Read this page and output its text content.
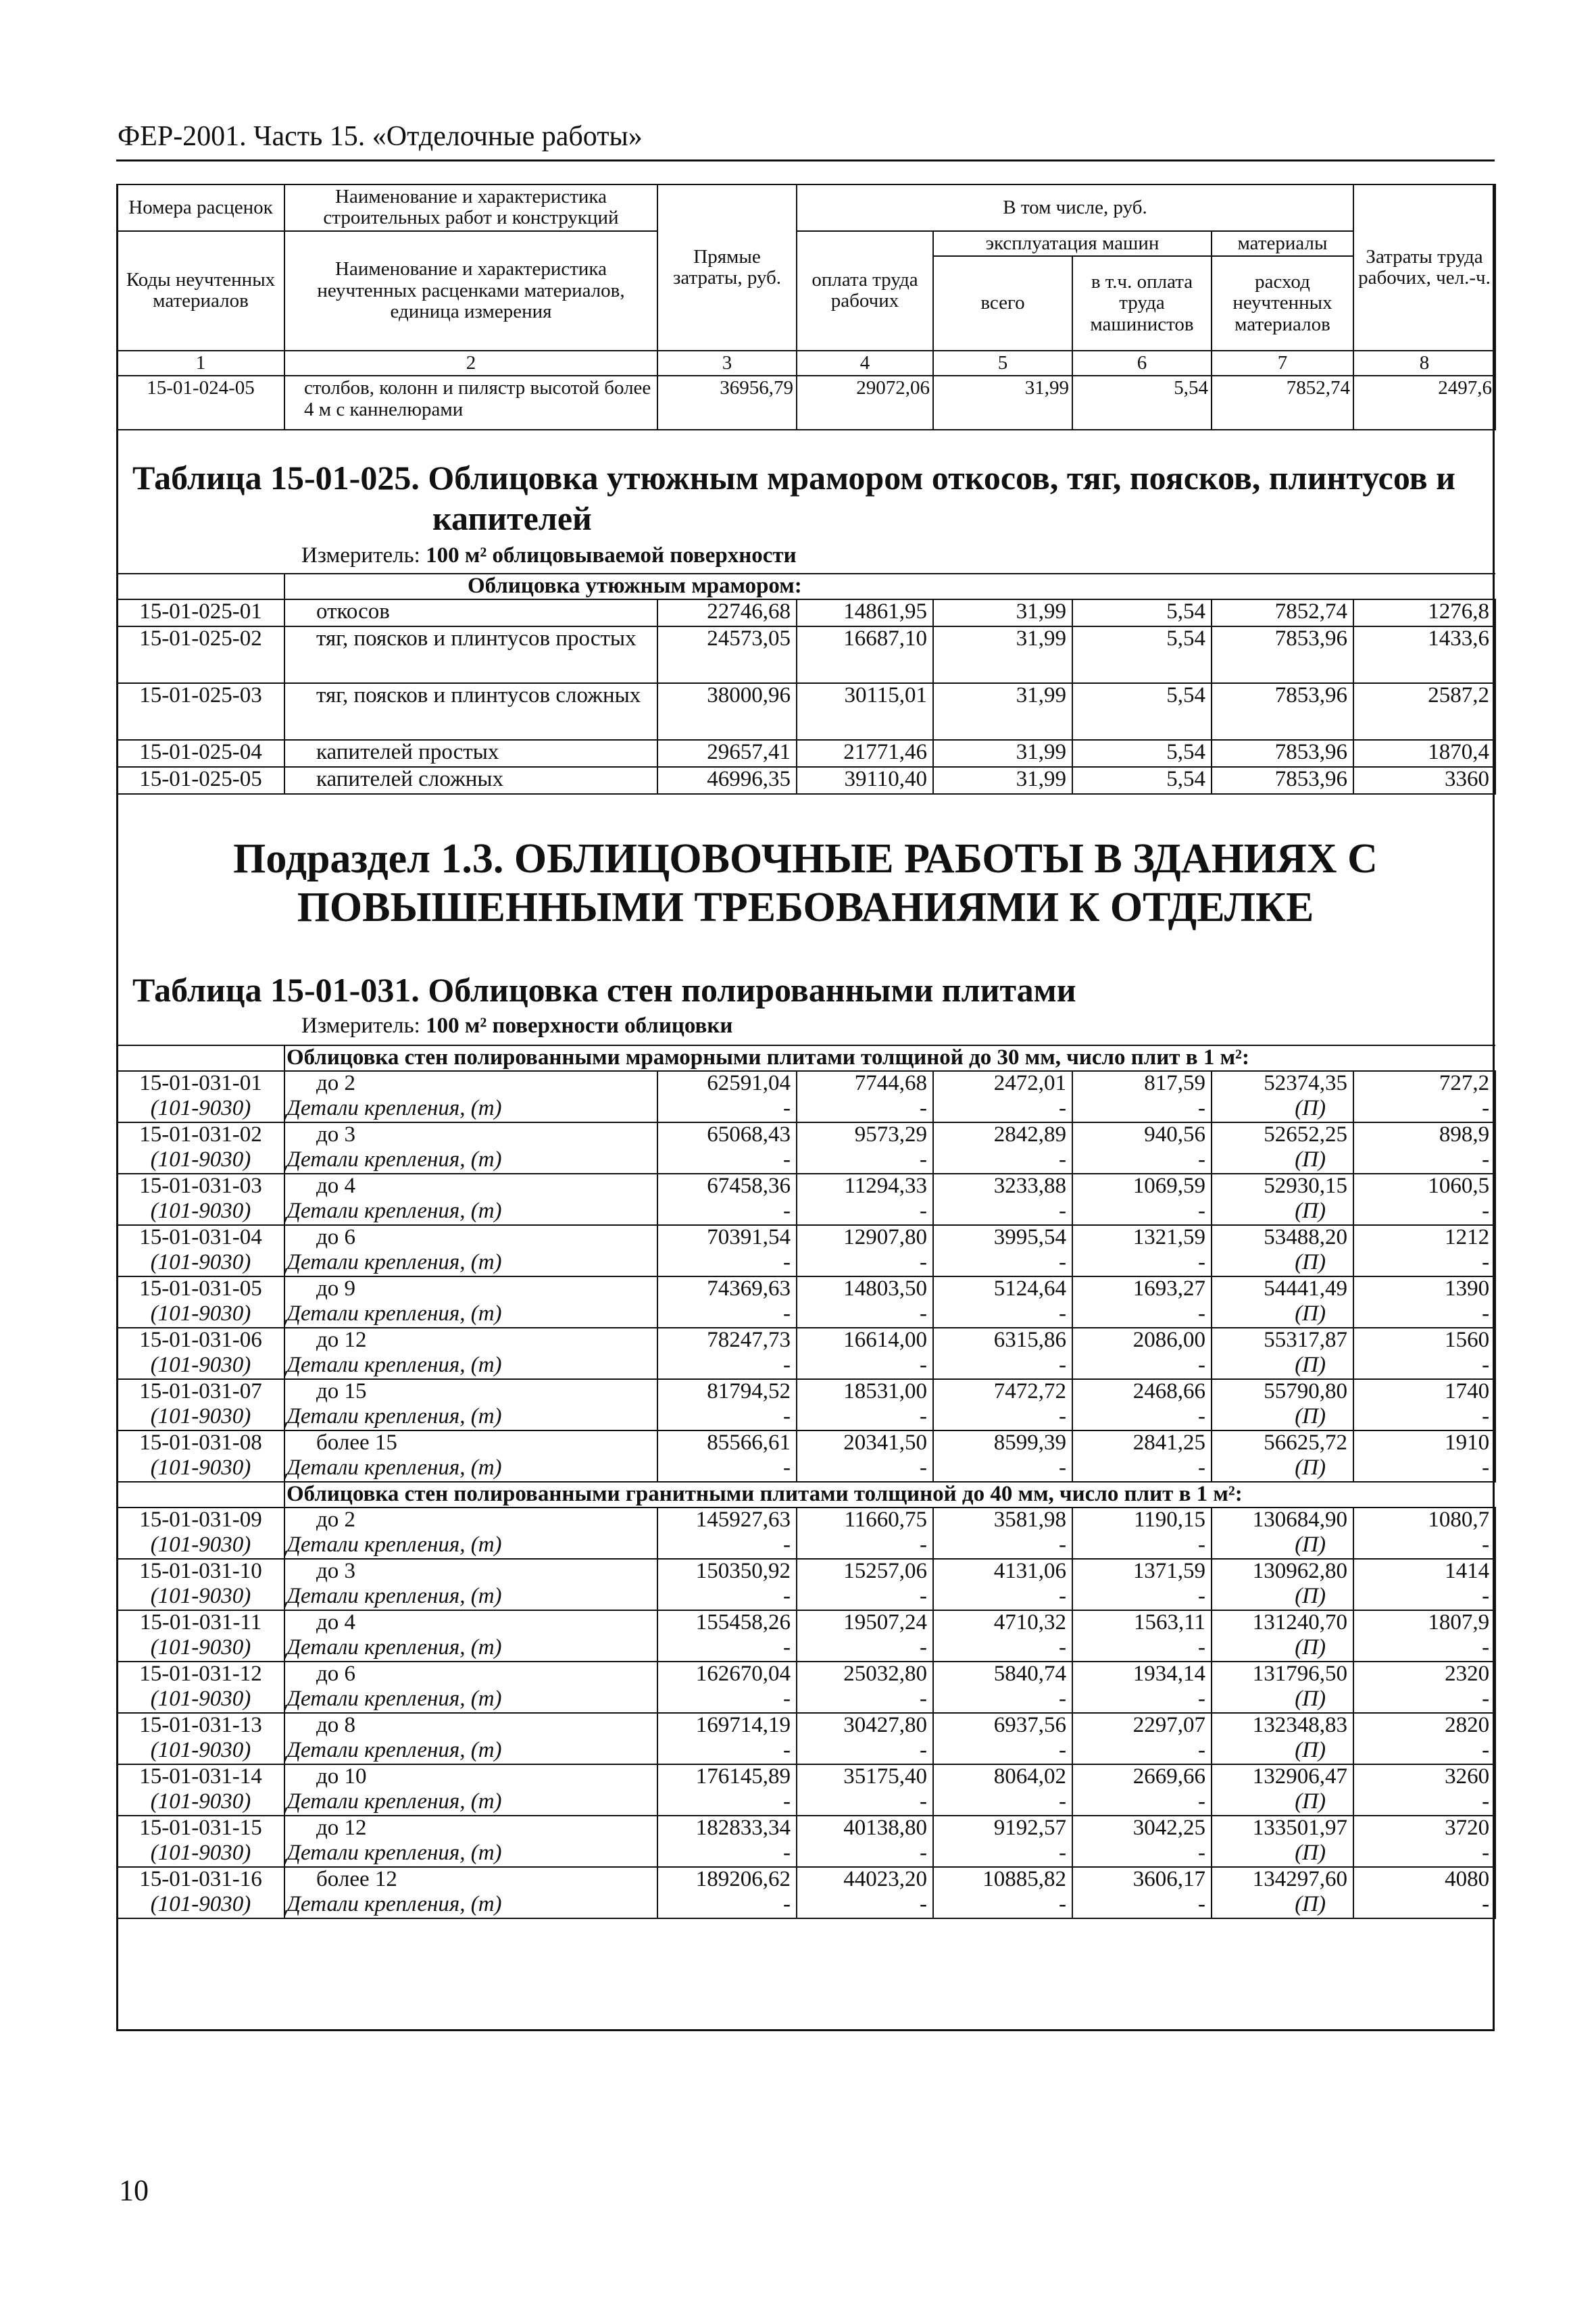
ФЕР-2001. Часть 15. «Отделочные работы»
Номера расценок	Наименование и характеристика строительных работ и конструкций	Прямые затраты, руб.	В том числе, руб.				Затраты труда рабочих, чел.-ч.
Коды неучтенных материалов	Наименование и характеристика неучтенных расценками материалов, единица измерения		оплата труда рабочих	эксплуатация машин		материалы	
				всего	в т.ч. оплата труда машинистов	расход неучтенных материалов	
1	2	3	4	5	6	7	8
15-01-024-05	столбов, колонн и пилястр высотой более 4 м с каннелюрами	36956,79	29072,06	31,99	5,54	7852,74	2497,6
Таблица 15-01-025. Облицовка утюжным мрамором откосов, тяг, поясков, плинтусов и
капителей
Измеритель: 100 м² облицовываемой поверхности
	Облицовка утюжным мрамором:						
15-01-025-01	откосов	22746,68	14861,95	31,99	5,54	7852,74	1276,8
15-01-025-02	тяг, поясков и плинтусов простых	24573,05	16687,10	31,99	5,54	7853,96	1433,6
15-01-025-03	тяг, поясков и плинтусов сложных	38000,96	30115,01	31,99	5,54	7853,96	2587,2
15-01-025-04	капителей простых	29657,41	21771,46	31,99	5,54	7853,96	1870,4
15-01-025-05	капителей сложных	46996,35	39110,40	31,99	5,54	7853,96	3360
Подраздел 1.3. ОБЛИЦОВОЧНЫЕ РАБОТЫ В ЗДАНИЯХ С
ПОВЫШЕННЫМИ ТРЕБОВАНИЯМИ К ОТДЕЛКЕ
Таблица 15-01-031. Облицовка стен полированными плитами
Измеритель: 100 м² поверхности облицовки
	Облицовка стен полированными мраморными плитами толщиной до 30 мм, число плит в 1 м²:						
15-01-031-01	до 2	62591,04	7744,68	2472,01	817,59	52374,35	727,2
(101-9030)	Детали крепления, (т)	-	-	-	-	(П)	-
15-01-031-02	до 3	65068,43	9573,29	2842,89	940,56	52652,25	898,9
(101-9030)	Детали крепления, (т)	-	-	-	-	(П)	-
15-01-031-03	до 4	67458,36	11294,33	3233,88	1069,59	52930,15	1060,5
(101-9030)	Детали крепления, (т)	-	-	-	-	(П)	-
15-01-031-04	до 6	70391,54	12907,80	3995,54	1321,59	53488,20	1212
(101-9030)	Детали крепления, (т)	-	-	-	-	(П)	-
15-01-031-05	до 9	74369,63	14803,50	5124,64	1693,27	54441,49	1390
(101-9030)	Детали крепления, (т)	-	-	-	-	(П)	-
15-01-031-06	до 12	78247,73	16614,00	6315,86	2086,00	55317,87	1560
(101-9030)	Детали крепления, (т)	-	-	-	-	(П)	-
15-01-031-07	до 15	81794,52	18531,00	7472,72	2468,66	55790,80	1740
(101-9030)	Детали крепления, (т)	-	-	-	-	(П)	-
15-01-031-08	более 15	85566,61	20341,50	8599,39	2841,25	56625,72	1910
(101-9030)	Детали крепления, (т)	-	-	-	-	(П)	-
	Облицовка стен полированными гранитными плитами толщиной до 40 мм, число плит в 1 м²:						
15-01-031-09	до 2	145927,63	11660,75	3581,98	1190,15	130684,90	1080,7
(101-9030)	Детали крепления, (т)	-	-	-	-	(П)	-
15-01-031-10	до 3	150350,92	15257,06	4131,06	1371,59	130962,80	1414
(101-9030)	Детали крепления, (т)	-	-	-	-	(П)	-
15-01-031-11	до 4	155458,26	19507,24	4710,32	1563,11	131240,70	1807,9
(101-9030)	Детали крепления, (т)	-	-	-	-	(П)	-
15-01-031-12	до 6	162670,04	25032,80	5840,74	1934,14	131796,50	2320
(101-9030)	Детали крепления, (т)	-	-	-	-	(П)	-
15-01-031-13	до 8	169714,19	30427,80	6937,56	2297,07	132348,83	2820
(101-9030)	Детали крепления, (т)	-	-	-	-	(П)	-
15-01-031-14	до 10	176145,89	35175,40	8064,02	2669,66	132906,47	3260
(101-9030)	Детали крепления, (т)	-	-	-	-	(П)	-
15-01-031-15	до 12	182833,34	40138,80	9192,57	3042,25	133501,97	3720
(101-9030)	Детали крепления, (т)	-	-	-	-	(П)	-
15-01-031-16	более 12	189206,62	44023,20	10885,82	3606,17	134297,60	4080
(101-9030)	Детали крепления, (т)	-	-	-	-	(П)	-
10
